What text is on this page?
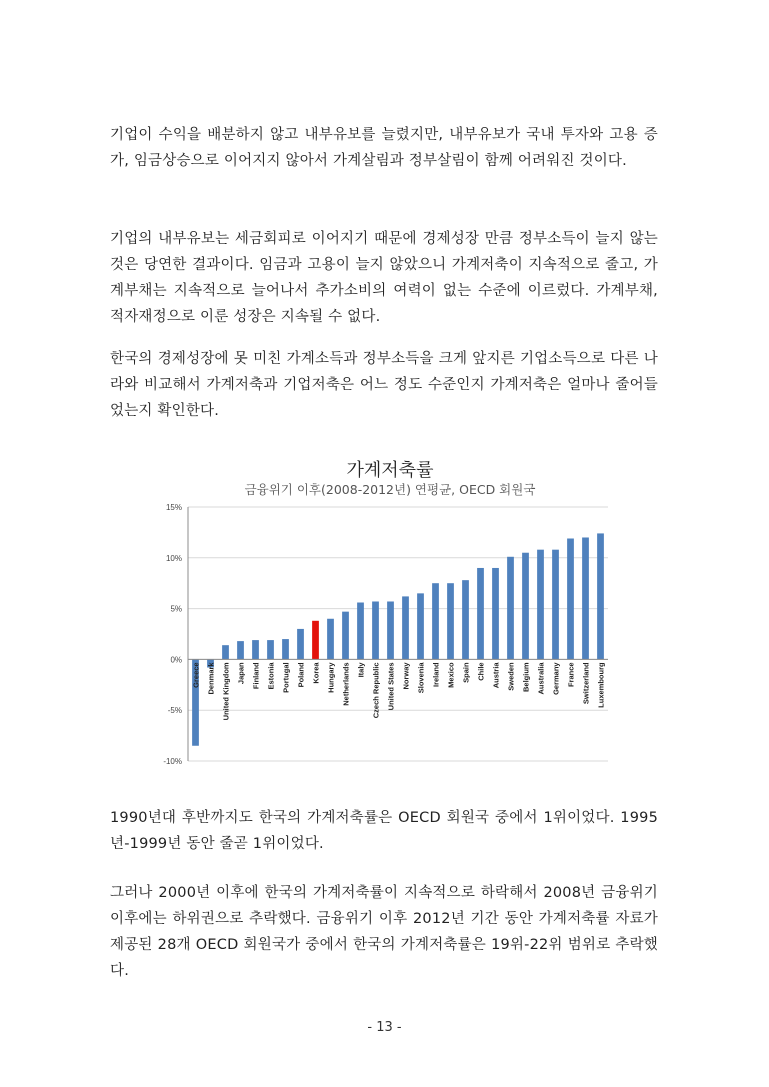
기업이 수익을 배분하지 않고 내부유보를 늘렸지만, 내부유보가 국내 투자와 고용 증가, 임금상승으로 이어지지 않아서 가계살림과 정부살림이 함께 어려워진 것이다.

기업의 내부유보는 세금회피로 이어지기 때문에 경제성장 만큼 정부소득이 늘지 않는 것은 당연한 결과이다. 임금과 고용이 늘지 않았으니 가계저축이 지속적으로 줄고, 가계부채는 지속적으로 늘어나서 추가소비의 여력이 없는 수준에 이르렀다. 가계부채, 적자재정으로 이룬 성장은 지속될 수 없다.

한국의 경제성장에 못 미친 가계소득과 정부소득을 크게 앞지른 기업소득으로 다른 나라와 비교해서 가계저축과 기업저축은 어느 정도 수준인지 가계저축은 얼마나 줄어들었는지 확인한다.

가계저축률
금융위기 이후(2008-2012년) 연평균, OECD 회원국
-10%
-5%
0%
5%
10%
15%
Greece Denmark United Kingdom Japan Finland Estonia Portugal Poland Korea Hungary Netherlands Italy Czech Republic United States Norway Slovenia Ireland Mexico Spain Chile Austria Sweden Belgium Australia Germany France Switzerland Luxembourg

1990년대 후반까지도 한국의 가계저축률은 OECD 회원국 중에서 1위이었다. 1995년-1999년 동안 줄곧 1위이었다.

그러나 2000년 이후에 한국의 가계저축률이 지속적으로 하락해서 2008년 금융위기 이후에는 하위권으로 추락했다. 금융위기 이후 2012년 기간 동안 가계저축률 자료가 제공된 28개 OECD 회원국가 중에서 한국의 가계저축률은 19위-22위 범위로 추락했다.

- 13 -
